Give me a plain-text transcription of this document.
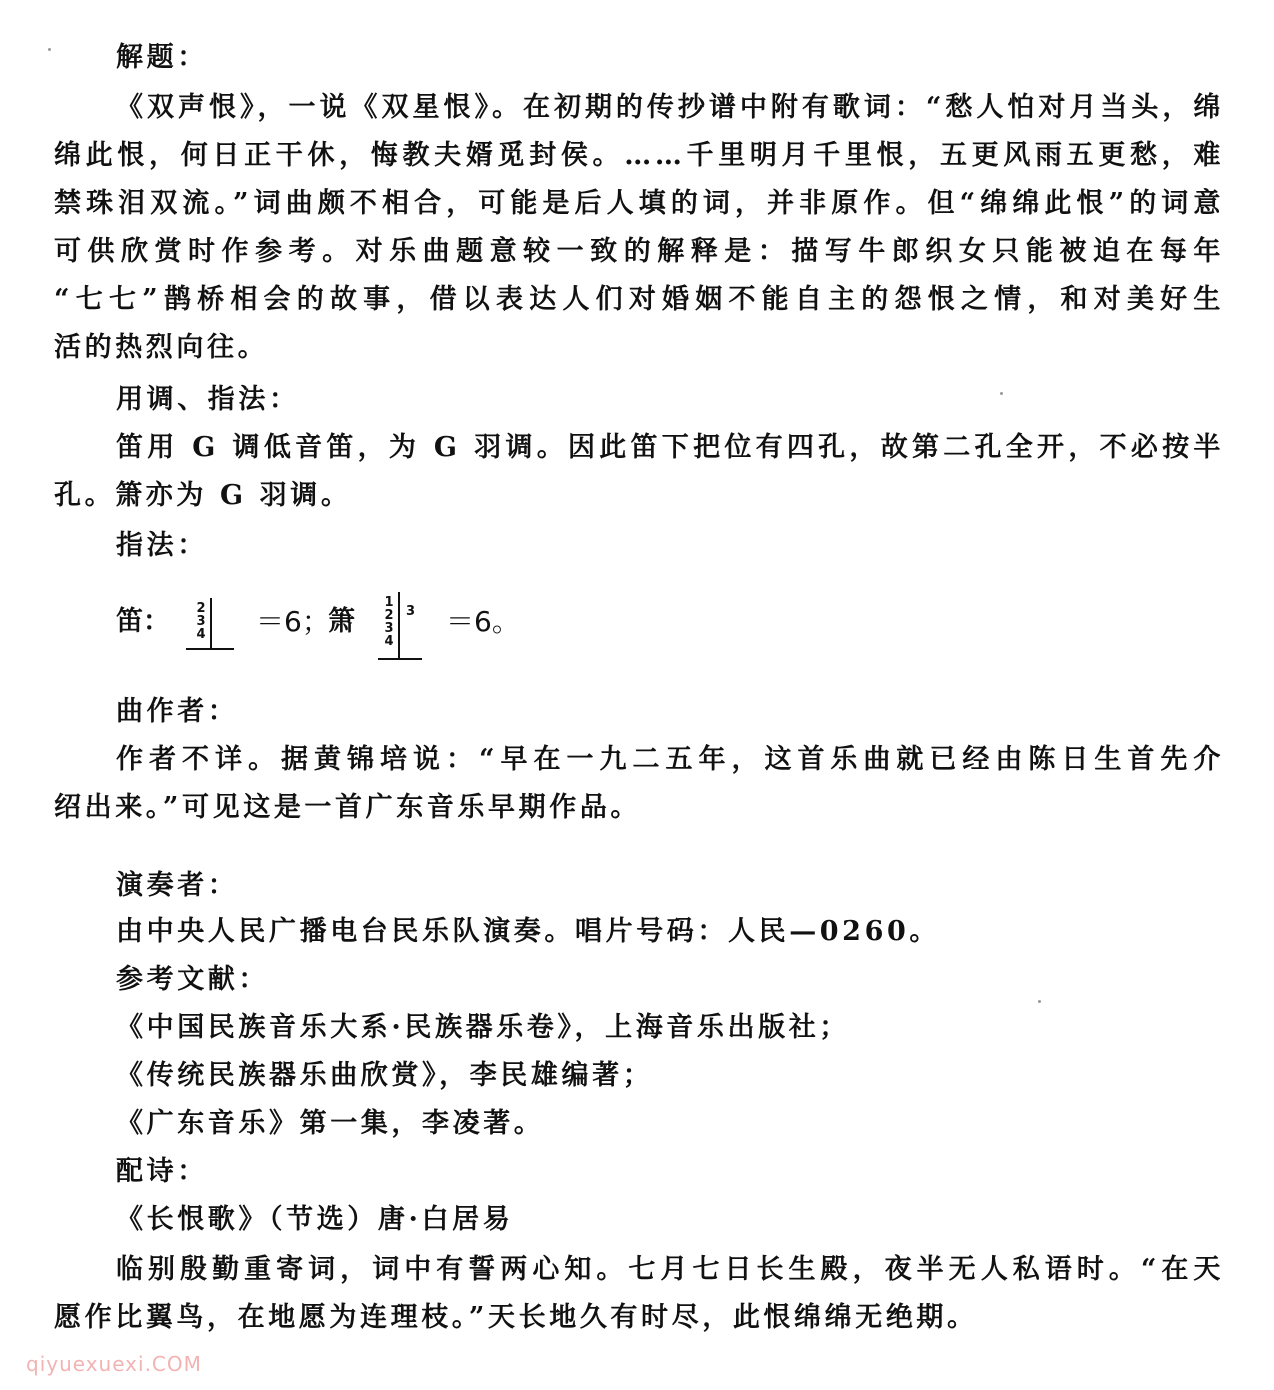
解题：
《双声恨》，一说《双星恨》。在初期的传抄谱中附有歌词：“愁人怕对月当头，绵
绵此恨，何日正干休，悔教夫婿觅封侯。……千里明月千里恨，五更风雨五更愁，难
禁珠泪双流。”词曲颇不相合，可能是后人填的词，并非原作。但“绵绵此恨”的词意
可供欣赏时作参考。对乐曲题意较一致的解释是：描写牛郎织女只能被迫在每年
“七七”鹊桥相会的故事，借以表达人们对婚姻不能自主的怨恨之情，和对美好生
活的热烈向往。
用调、指法：
笛用 G 调低音笛，为 G 羽调。因此笛下把位有四孔，故第二孔全开，不必按半
孔。箫亦为 G 羽调。
指法：
笛： 2
3
4 ＝6；
箫
1
2
3
4
3 ＝6。
曲作者：
作者不详。据黄锦培说：“早在一九二五年，这首乐曲就已经由陈日生首先介
绍出来。”可见这是一首广东音乐早期作品。
演奏者：
由中央人民广播电台民乐队演奏。唱片号码：人民—0260。
参考文献：
《中国民族音乐大系·民族器乐卷》，上海音乐出版社；
《传统民族器乐曲欣赏》，李民雄编著；
《广东音乐》第一集，李凌著。
配诗：
《长恨歌》（节选）唐·白居易
临别殷勤重寄词，词中有誓两心知。七月七日长生殿，夜半无人私语时。“在天
愿作比翼鸟，在地愿为连理枝。”天长地久有时尽，此恨绵绵无绝期。
qiyuexuexi.COM
